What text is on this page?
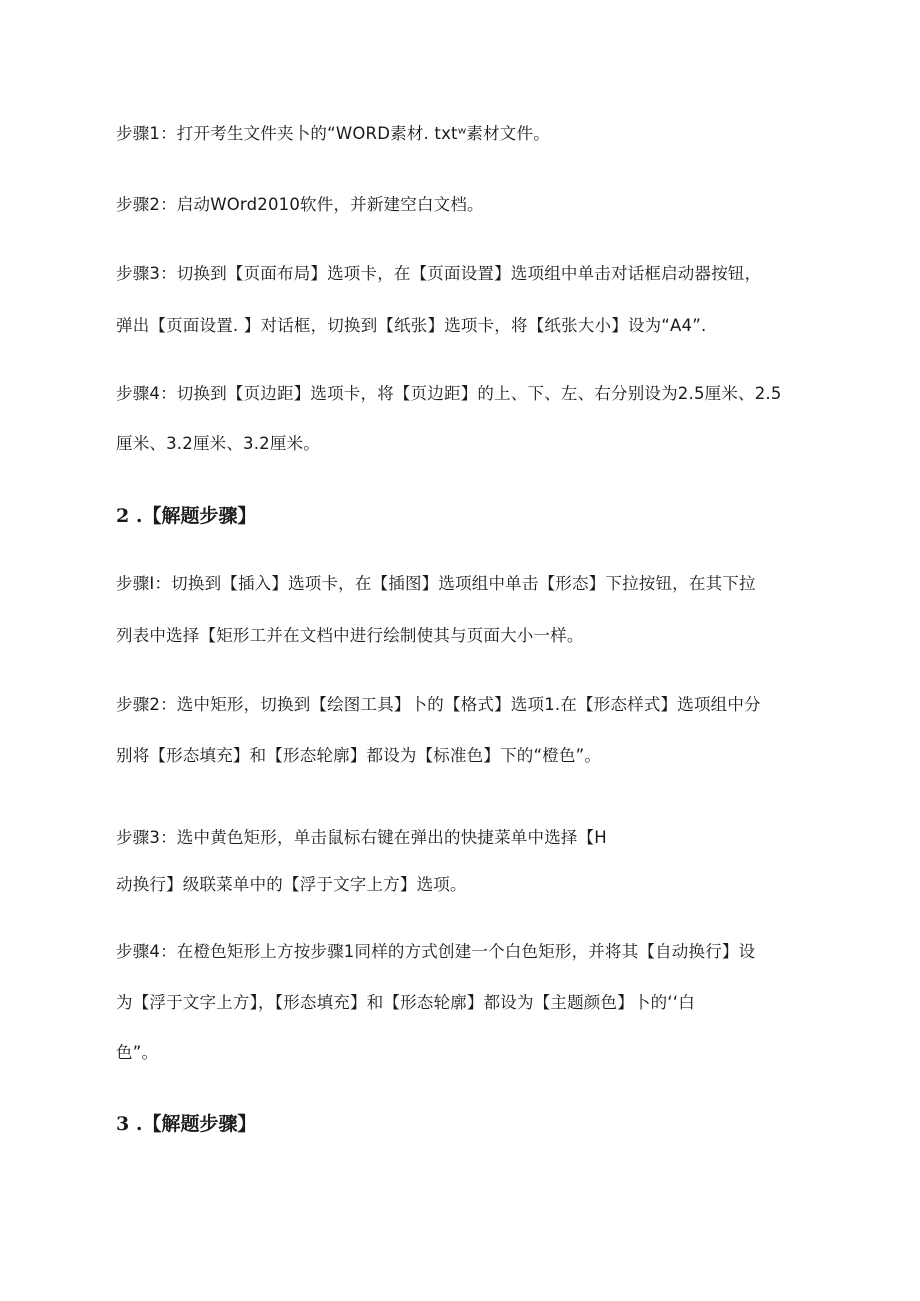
步骤1：打开考生文件夹卜的“WORD素材. txtʷ素材文件。
步骤2：启动WOrd2010软件，并新建空白文档。
步骤3：切换到【页面布局】选项卡，在【页面设置】选项组中单击对话框启动器按钮，
弹出【页面设置. 】对话框，切换到【纸张】选项卡，将【纸张大小】设为“A4”.
步骤4：切换到【页边距】选项卡，将【页边距】的上、下、左、右分别设为2.5厘米、2.5
厘米、3.2厘米、3.2厘米。
2 .【解题步骤】
步骤I：切换到【插入】选项卡，在【插图】选项组中单击【形态】下拉按钮，在其下拉
列表中选择【矩形工并在文档中进行绘制使其与页面大小一样。
步骤2：选中矩形，切换到【绘图工具】卜的【格式】选项1.在【形态样式】选项组中分
别将【形态填充】和【形态轮廓】都设为【标准色】下的“橙色”。
步骤3：选中黄色矩形，单击鼠标右键在弹出的快捷菜单中选择【H
动换行】级联菜单中的【浮于文字上方】选项。
步骤4：在橙色矩形上方按步骤1同样的方式创建一个白色矩形，并将其【自动换行】设
为【浮于文字上方】，【形态填充】和【形态轮廓】都设为【主题颜色】卜的‘‘白
色”。
3 .【解题步骤】
